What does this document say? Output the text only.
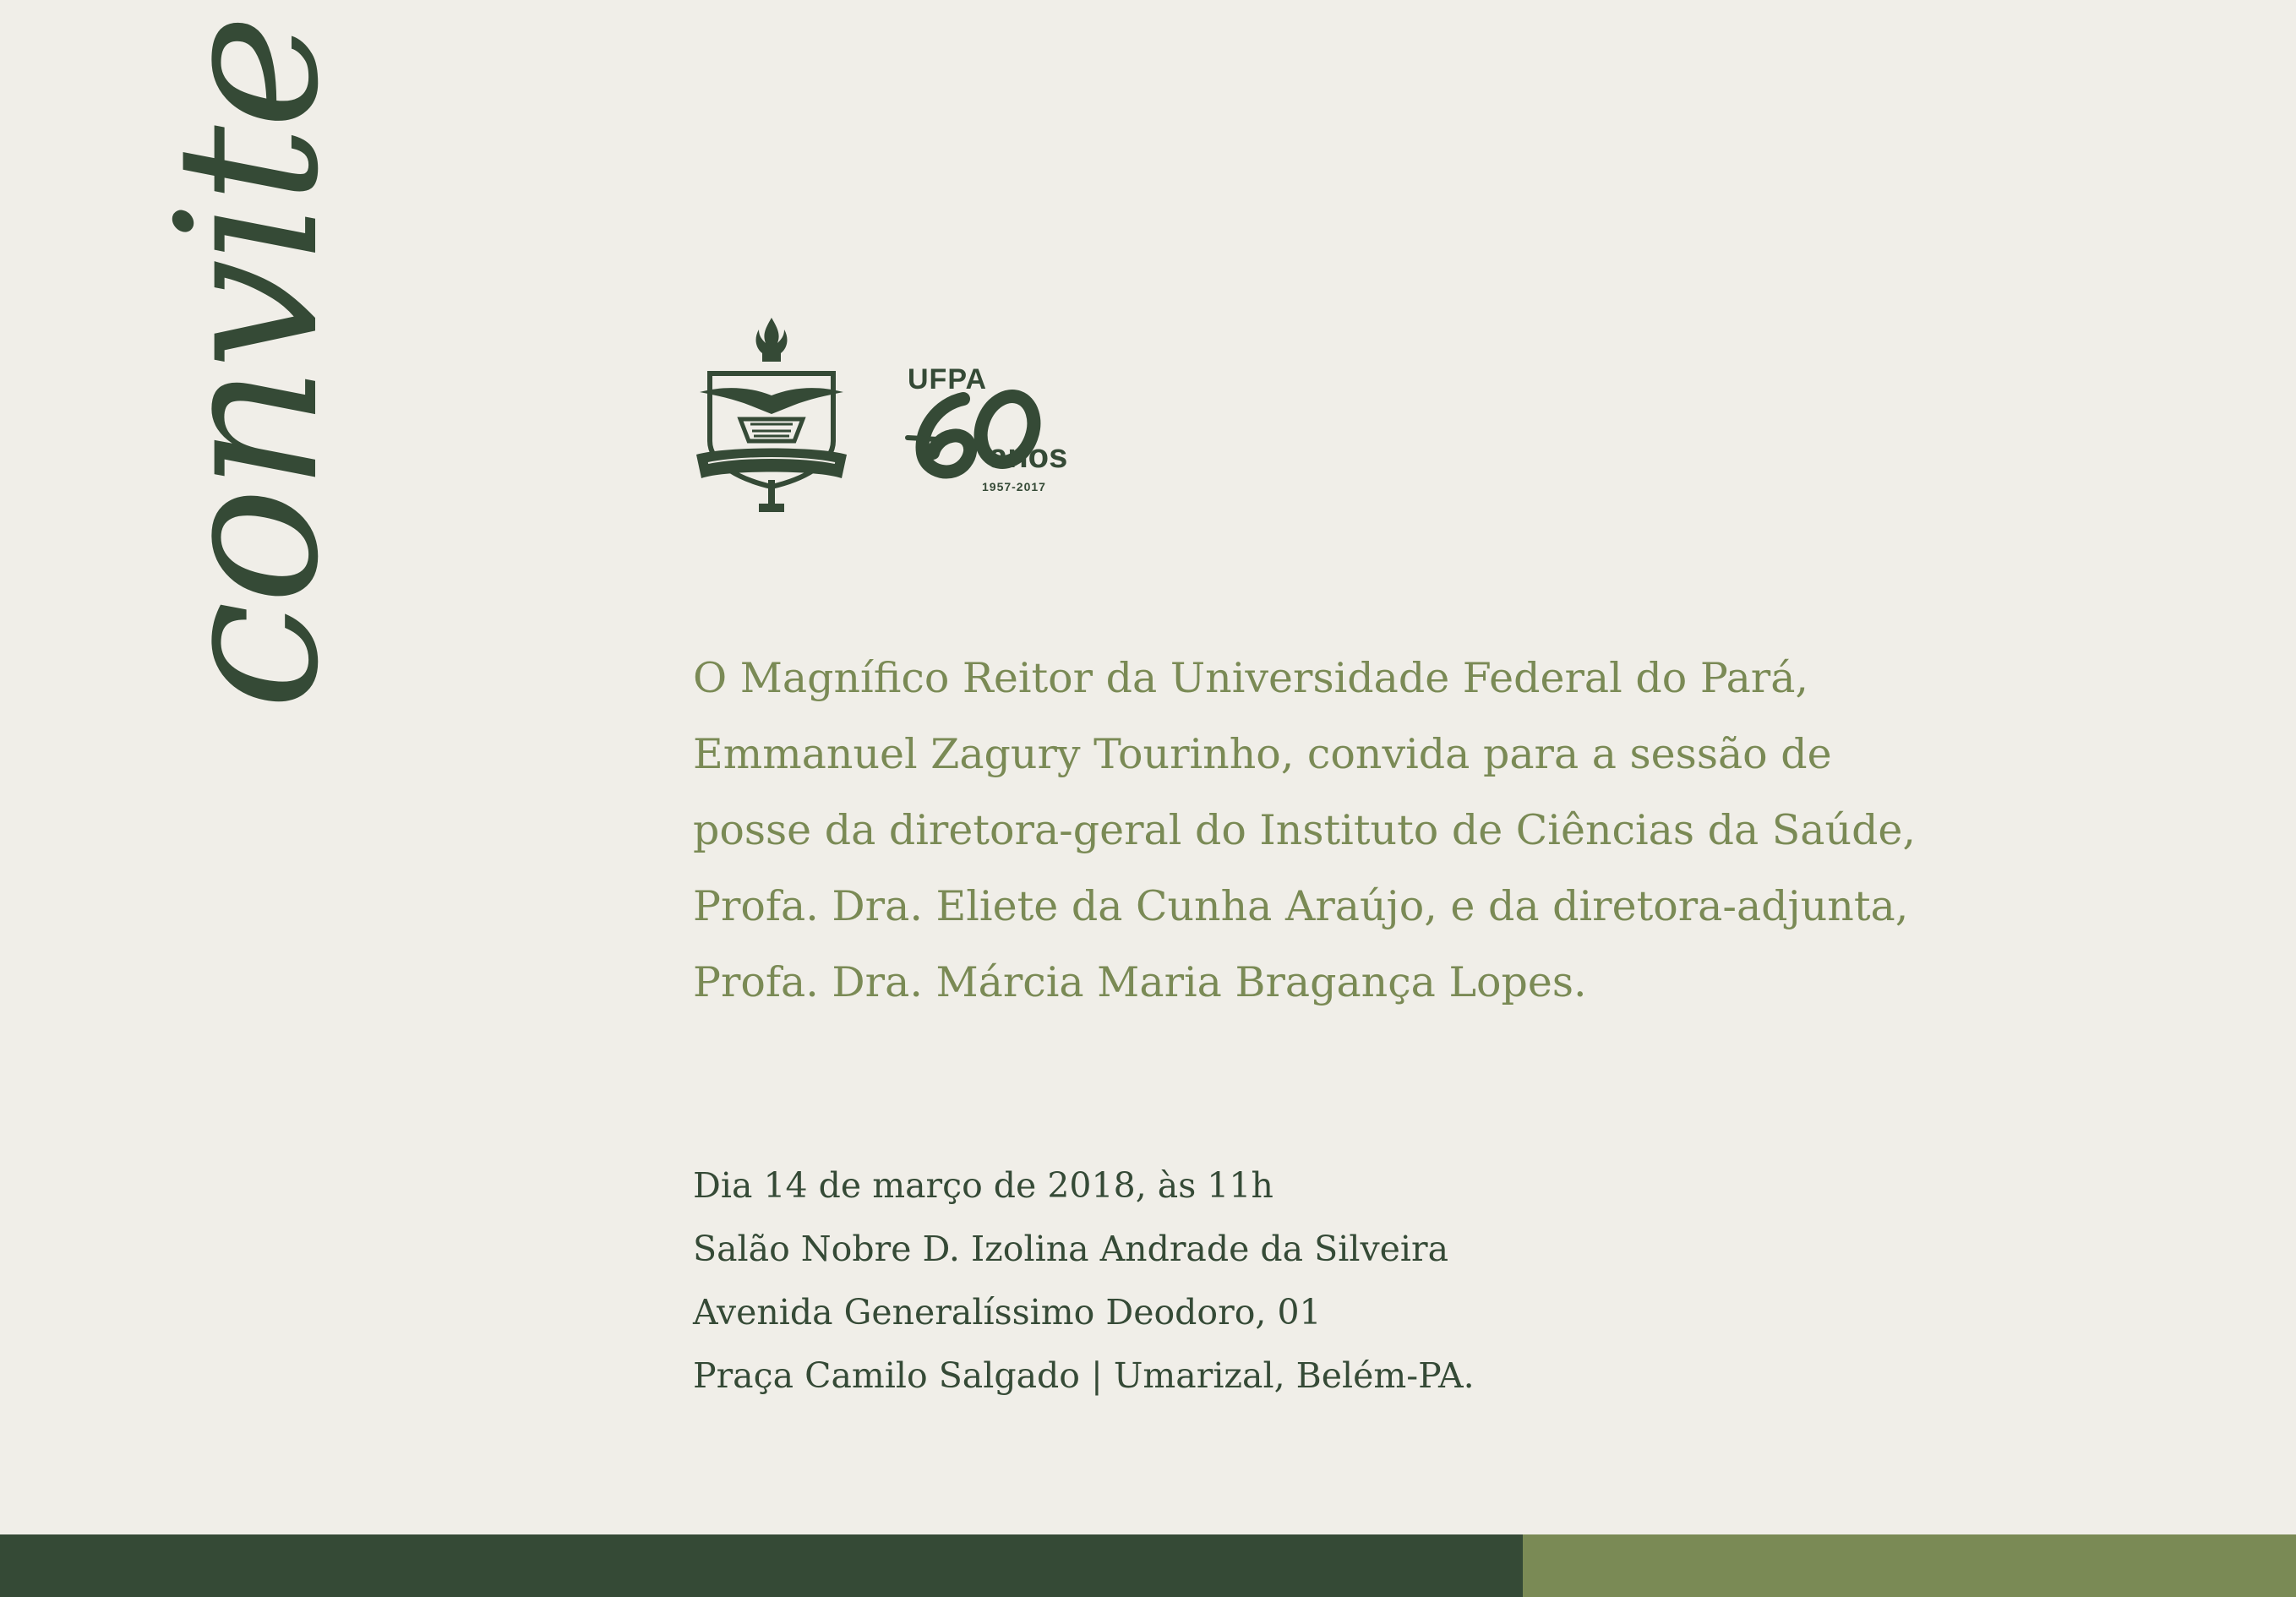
convite	UFPA
anos
1957-2017
O Magnífico Reitor da Universidade Federal do Pará,
Emmanuel Zagury Tourinho, convida para a sessão de
posse da diretora-geral do Instituto de Ciências da Saúde,
Profa. Dra. Eliete da Cunha Araújo, e da diretora-adjunta,
Profa. Dra. Márcia Maria Bragança Lopes.
Dia 14 de março de 2018, às 11h
Salão Nobre D. Izolina Andrade da Silveira
Avenida Generalíssimo Deodoro, 01
Praça Camilo Salgado | Umarizal, Belém-PA.
